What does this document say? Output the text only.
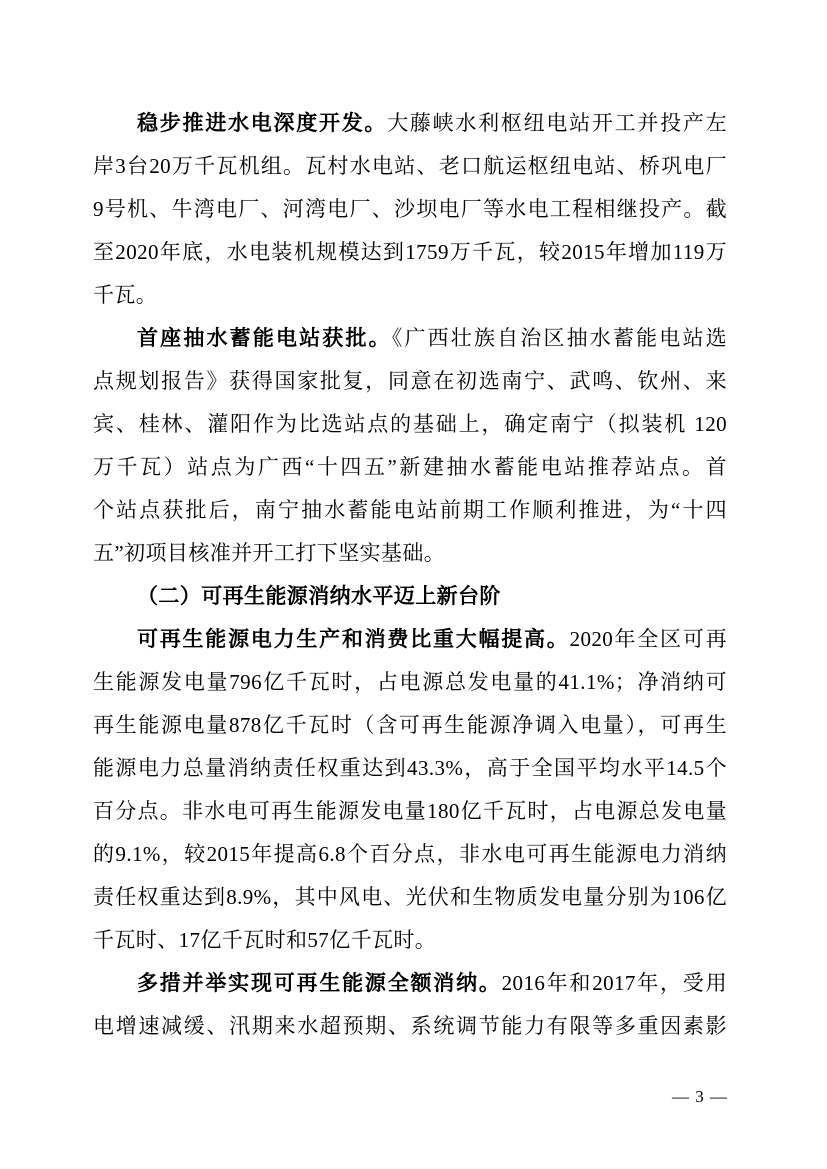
稳步推进水电深度开发。大藤峡水利枢纽电站开工并投产左
岸3台20万千瓦机组。瓦村水电站、老口航运枢纽电站、桥巩电厂
9号机、牛湾电厂、河湾电厂、沙坝电厂等水电工程相继投产。截
至2020年底，水电装机规模达到1759万千瓦，较2015年增加119万
千瓦。
首座抽水蓄能电站获批。《广西壮族自治区抽水蓄能电站选
点规划报告》获得国家批复，同意在初选南宁、武鸣、钦州、来
宾、桂林、灌阳作为比选站点的基础上，确定南宁（拟装机 120
万千瓦）站点为广西“十四五”新建抽水蓄能电站推荐站点。首
个站点获批后，南宁抽水蓄能电站前期工作顺利推进，为“十四
五”初项目核准并开工打下坚实基础。
（二）可再生能源消纳水平迈上新台阶
可再生能源电力生产和消费比重大幅提高。2020年全区可再
生能源发电量796亿千瓦时，占电源总发电量的41.1%；净消纳可
再生能源电量878亿千瓦时（含可再生能源净调入电量），可再生
能源电力总量消纳责任权重达到43.3%，高于全国平均水平14.5个
百分点。非水电可再生能源发电量180亿千瓦时，占电源总发电量
的9.1%，较2015年提高6.8个百分点，非水电可再生能源电力消纳
责任权重达到8.9%，其中风电、光伏和生物质发电量分别为106亿
千瓦时、17亿千瓦时和57亿千瓦时。
多措并举实现可再生能源全额消纳。2016年和2017年，受用
电增速减缓、汛期来水超预期、系统调节能力有限等多重因素影
— 3 —
